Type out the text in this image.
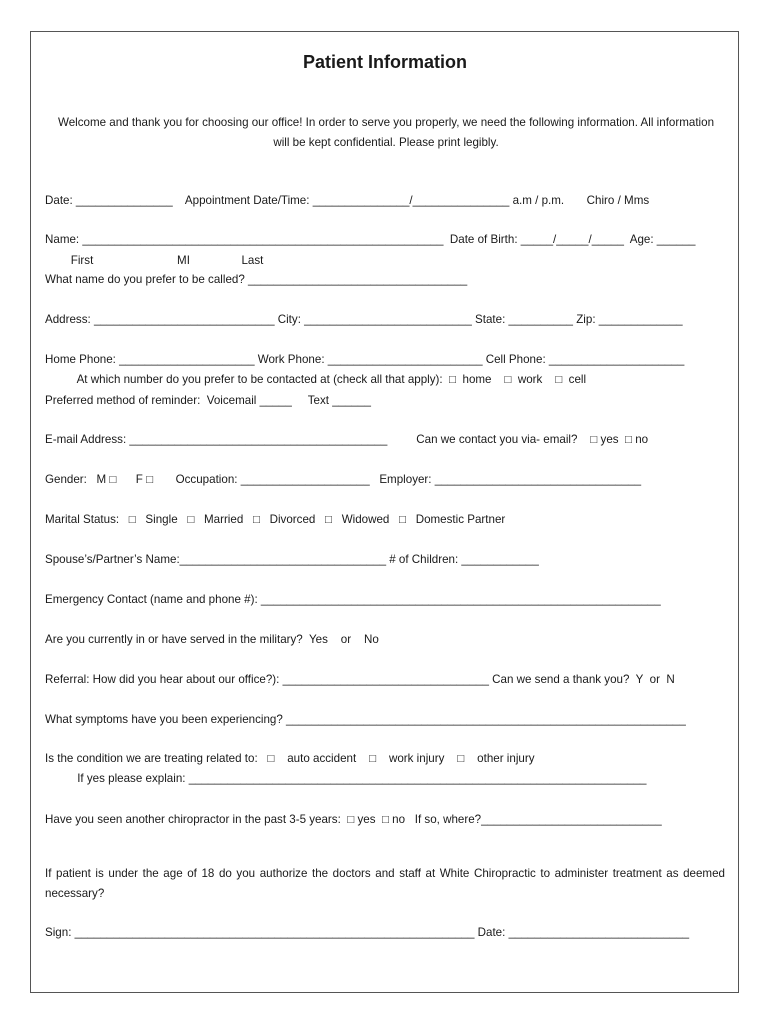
Patient Information
Welcome and thank you for choosing our office! In order to serve you properly, we need the following information. All information will be kept confidential. Please print legibly.
Date: _______________    Appointment Date/Time: _______________/_______________ a.m / p.m.       Chiro / Mms
Name: ________________________________________________________  Date of Birth: _____/_____/_____  Age: ______
First                          MI                Last
What name do you prefer to be called? __________________________________
Address: ____________________________ City: __________________________ State: __________ Zip: _____________
Home Phone: _____________________ Work Phone: ________________________ Cell Phone: _____________________
At which number do you prefer to be contacted at (check all that apply):  □  home    □  work    □  cell
Preferred method of reminder:  Voicemail _____     Text ______
E-mail Address: ________________________________________         Can we contact you via- email?    □ yes  □ no
Gender:   M □      F □       Occupation: ____________________   Employer: ________________________________
Marital Status:   □   Single   □   Married   □   Divorced   □   Widowed   □   Domestic Partner
Spouse’s/Partner’s Name:________________________________ # of Children: ____________
Emergency Contact (name and phone #): ______________________________________________________________
Are you currently in or have served in the military?  Yes    or    No
Referral: How did you hear about our office?): ________________________________ Can we send a thank you?  Y  or  N
What symptoms have you been experiencing? ______________________________________________________________
Is the condition we are treating related to:   □    auto accident    □    work injury    □    other injury
If yes please explain: _______________________________________________________________________
Have you seen another chiropractor in the past 3-5 years:  □ yes  □ no   If so, where?____________________________
If patient is under the age of 18 do you authorize the doctors and staff at White Chiropractic to administer treatment as deemed necessary?
Sign: ______________________________________________________________ Date: ____________________________
